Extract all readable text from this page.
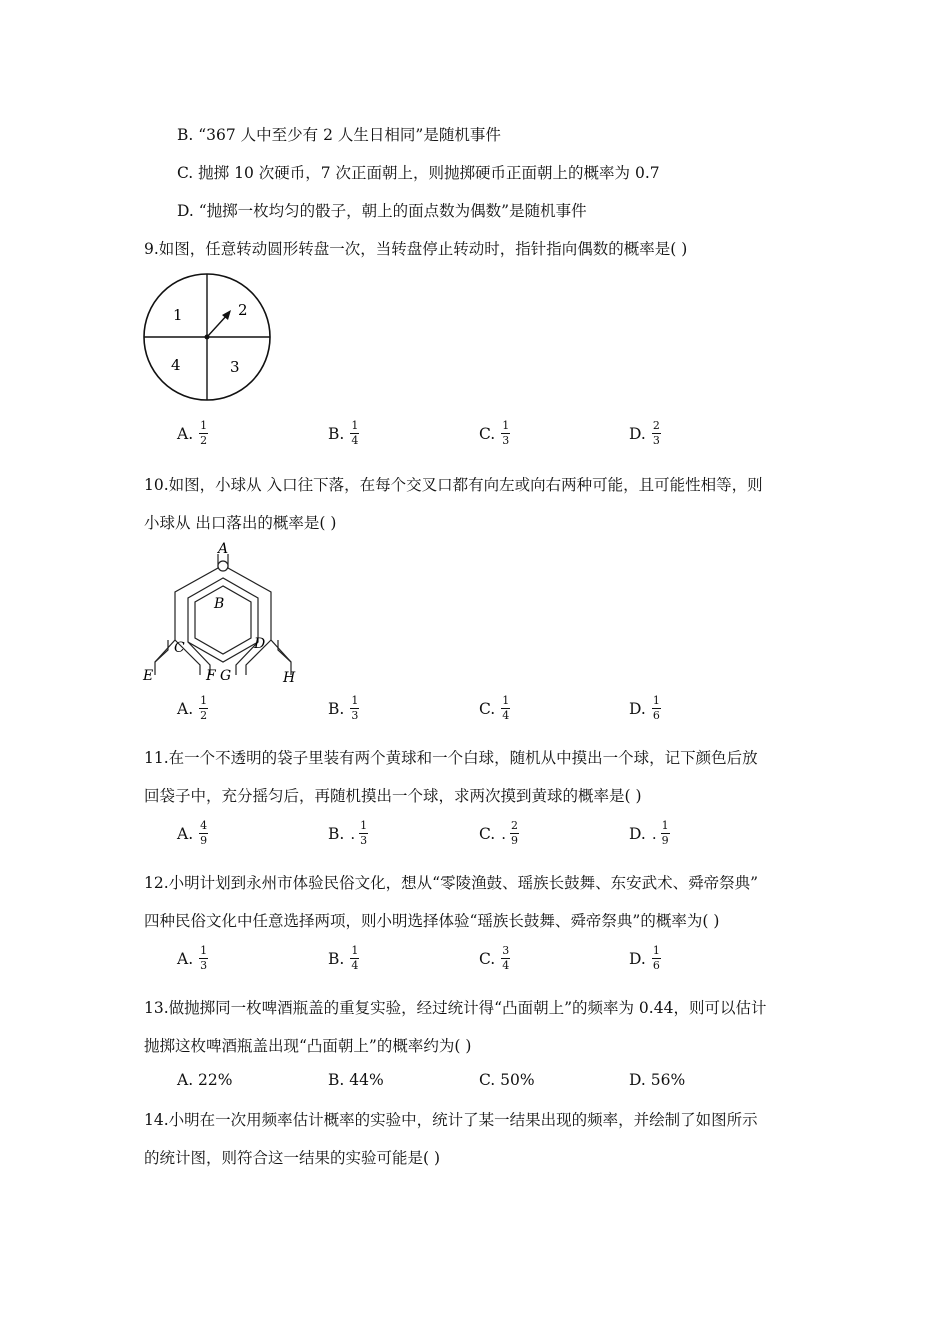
B. “367 人中至少有 2 人生日相同”是随机事件
C. 抛掷 10 次硬币，7 次正面朝上，则抛掷硬币正面朝上的概率为 0.7
D. “抛掷一枚均匀的骰子，朝上的面点数为偶数”是随机事件
9.如图，任意转动圆形转盘一次，当转盘停止转动时，指针指向偶数的概率是( )
1	2
4	3
A. $\frac{1}{2}$	B. $\frac{1}{4}$	C. $\frac{1}{3}$	D. $\frac{2}{3}$
10.如图，小球从 入口往下落，在每个交叉口都有向左或向右两种可能，且可能性相等，则
小球从 出口落出的概率是( )
A
B
C	D
E	F G	H
A. $\frac{1}{2}$	B. $\frac{1}{3}$	C. $\frac{1}{4}$	D. $\frac{1}{6}$
11.在一个不透明的袋子里装有两个黄球和一个白球，随机从中摸出一个球，记下颜色后放
回袋子中，充分摇匀后，再随机摸出一个球，求两次摸到黄球的概率是( )
A. $\frac{4}{9}$	B. . $\frac{1}{3}$	C. . $\frac{2}{9}$	D. . $\frac{1}{9}$
12.小明计划到永州市体验民俗文化，想从“零陵渔鼓、瑶族长鼓舞、东安武术、舜帝祭典”
四种民俗文化中任意选择两项，则小明选择体验“瑶族长鼓舞、舜帝祭典”的概率为( )
A. $\frac{1}{3}$	B. $\frac{1}{4}$	C. $\frac{3}{4}$	D. $\frac{1}{6}$
13.做抛掷同一枚啤酒瓶盖的重复实验，经过统计得“凸面朝上”的频率为 0.44，则可以估计
抛掷这枚啤酒瓶盖出现“凸面朝上”的概率约为( )
A. 22%	B. 44%	C. 50%	D. 56%
14.小明在一次用频率估计概率的实验中，统计了某一结果出现的频率，并绘制了如图所示
的统计图，则符合这一结果的实验可能是( )
